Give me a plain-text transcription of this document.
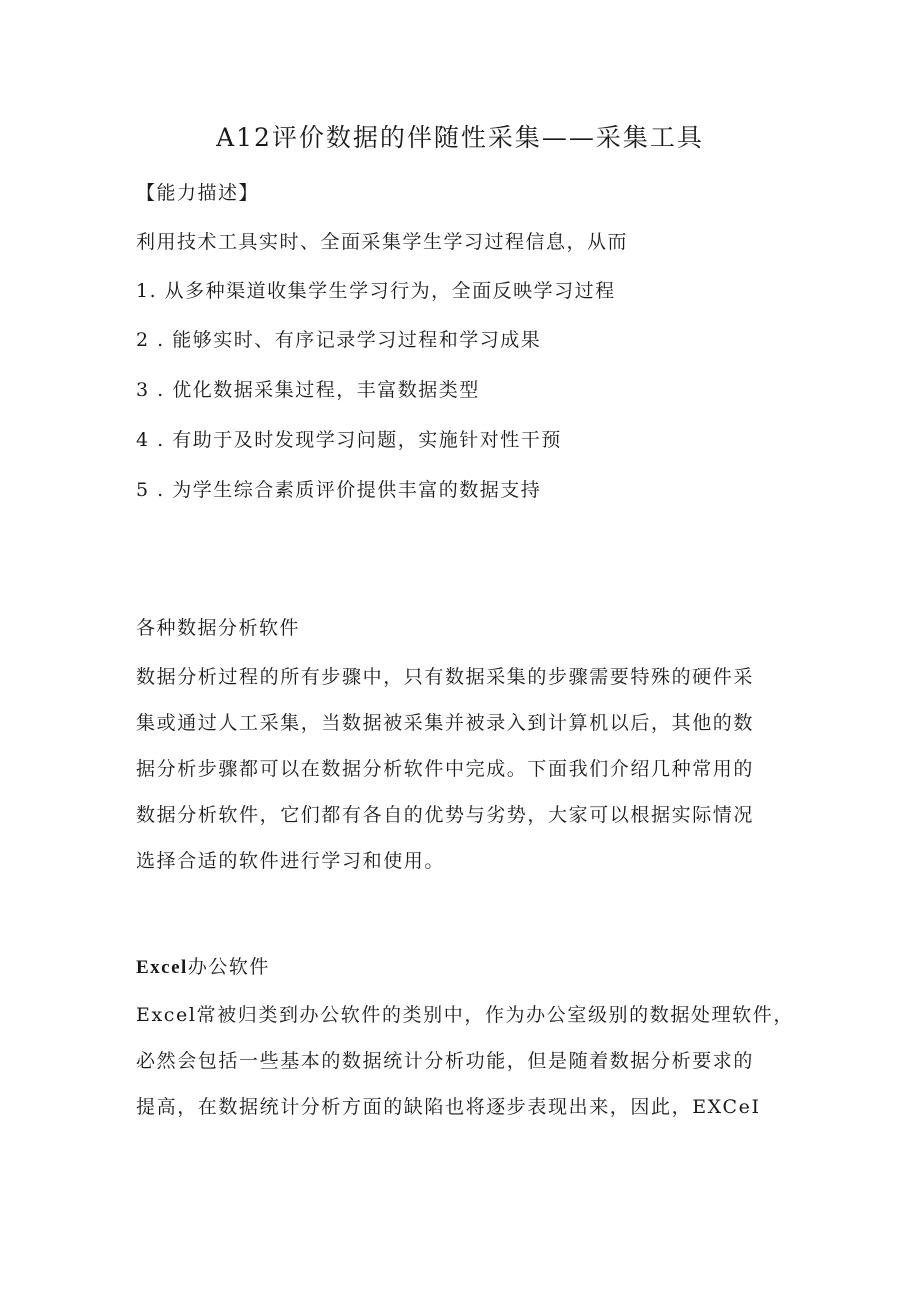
A12评价数据的伴随性采集——采集工具
【能力描述】
利用技术工具实时、全面采集学生学习过程信息，从而
1. 从多种渠道收集学生学习行为，全面反映学习过程
2 . 能够实时、有序记录学习过程和学习成果
3 . 优化数据采集过程，丰富数据类型
4 . 有助于及时发现学习问题，实施针对性干预
5 . 为学生综合素质评价提供丰富的数据支持
各种数据分析软件
数据分析过程的所有步骤中，只有数据采集的步骤需要特殊的硬件采
集或通过人工采集，当数据被采集并被录入到计算机以后，其他的数
据分析步骤都可以在数据分析软件中完成。下面我们介绍几种常用的
数据分析软件，它们都有各自的优势与劣势，大家可以根据实际情况
选择合适的软件进行学习和使用。
Excel办公软件
Excel常被归类到办公软件的类别中，作为办公室级别的数据处理软件，
必然会包括一些基本的数据统计分析功能，但是随着数据分析要求的
提高，在数据统计分析方面的缺陷也将逐步表现出来，因此，EXCeI
